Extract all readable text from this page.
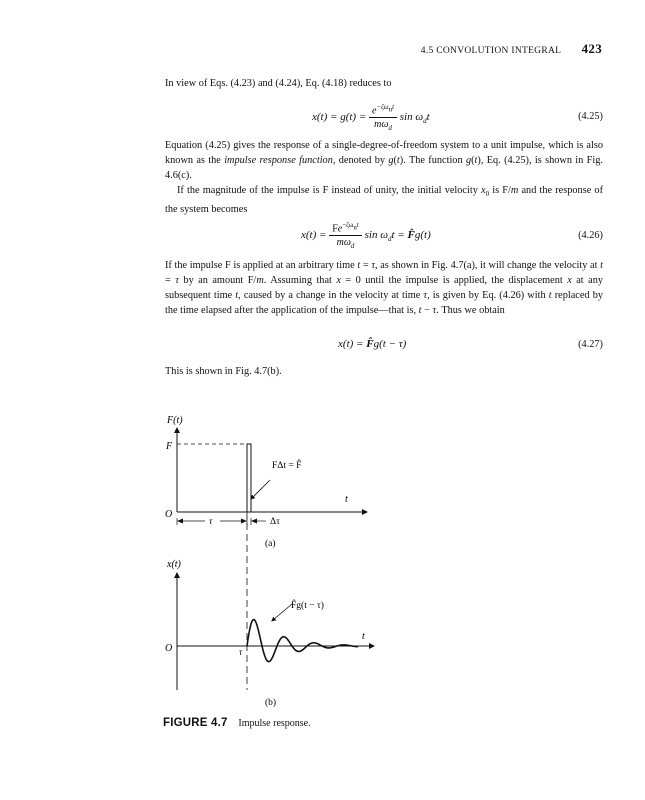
4.5 CONVOLUTION INTEGRAL 423
In view of Eqs. (4.23) and (4.24), Eq. (4.18) reduces to
$x(t) = g(t) = \frac{e^{-\zeta\omega_nt}}{m\omega_d}$ $\sin \omega_dt$	(4.25)
Equation (4.25) gives the response of a single-degree-of-freedom system to a unit impulse, which is also known as the impulse response function, denoted by g(t). The function g(t), Eq. (4.25), is shown in Fig. 4.6(c).
If the magnitude of the impulse is F instead of unity, the initial velocity $x_0$ is F/m and the response of the system becomes
$x(t) = \frac{Fe^{-\zeta\omega_nt}}{m\omega_d}$ $\sin \omega_dt$ = F̂g(t)	(4.26)
If the impulse F is applied at an arbitrary time t = τ, as shown in Fig. 4.7(a), it will change the velocity at t = τ by an amount F/m. Assuming that x = 0 until the impulse is applied, the displacement x at any subsequent time t, caused by a change in the velocity at time τ, is given by Eq. (4.26) with t replaced by the time elapsed after the application of the impulse—that is, t − τ. Thus we obtain
x(t) = F̂g(t − τ)	(4.27)
This is shown in Fig. 4.7(b).
F(t)
F
O
t
FΔt = F̂
τ	Δτ
(a)
x(t)
O
t
τ
F̂g(t − τ)
(b)
FIGURE 4.7 Impulse response.
